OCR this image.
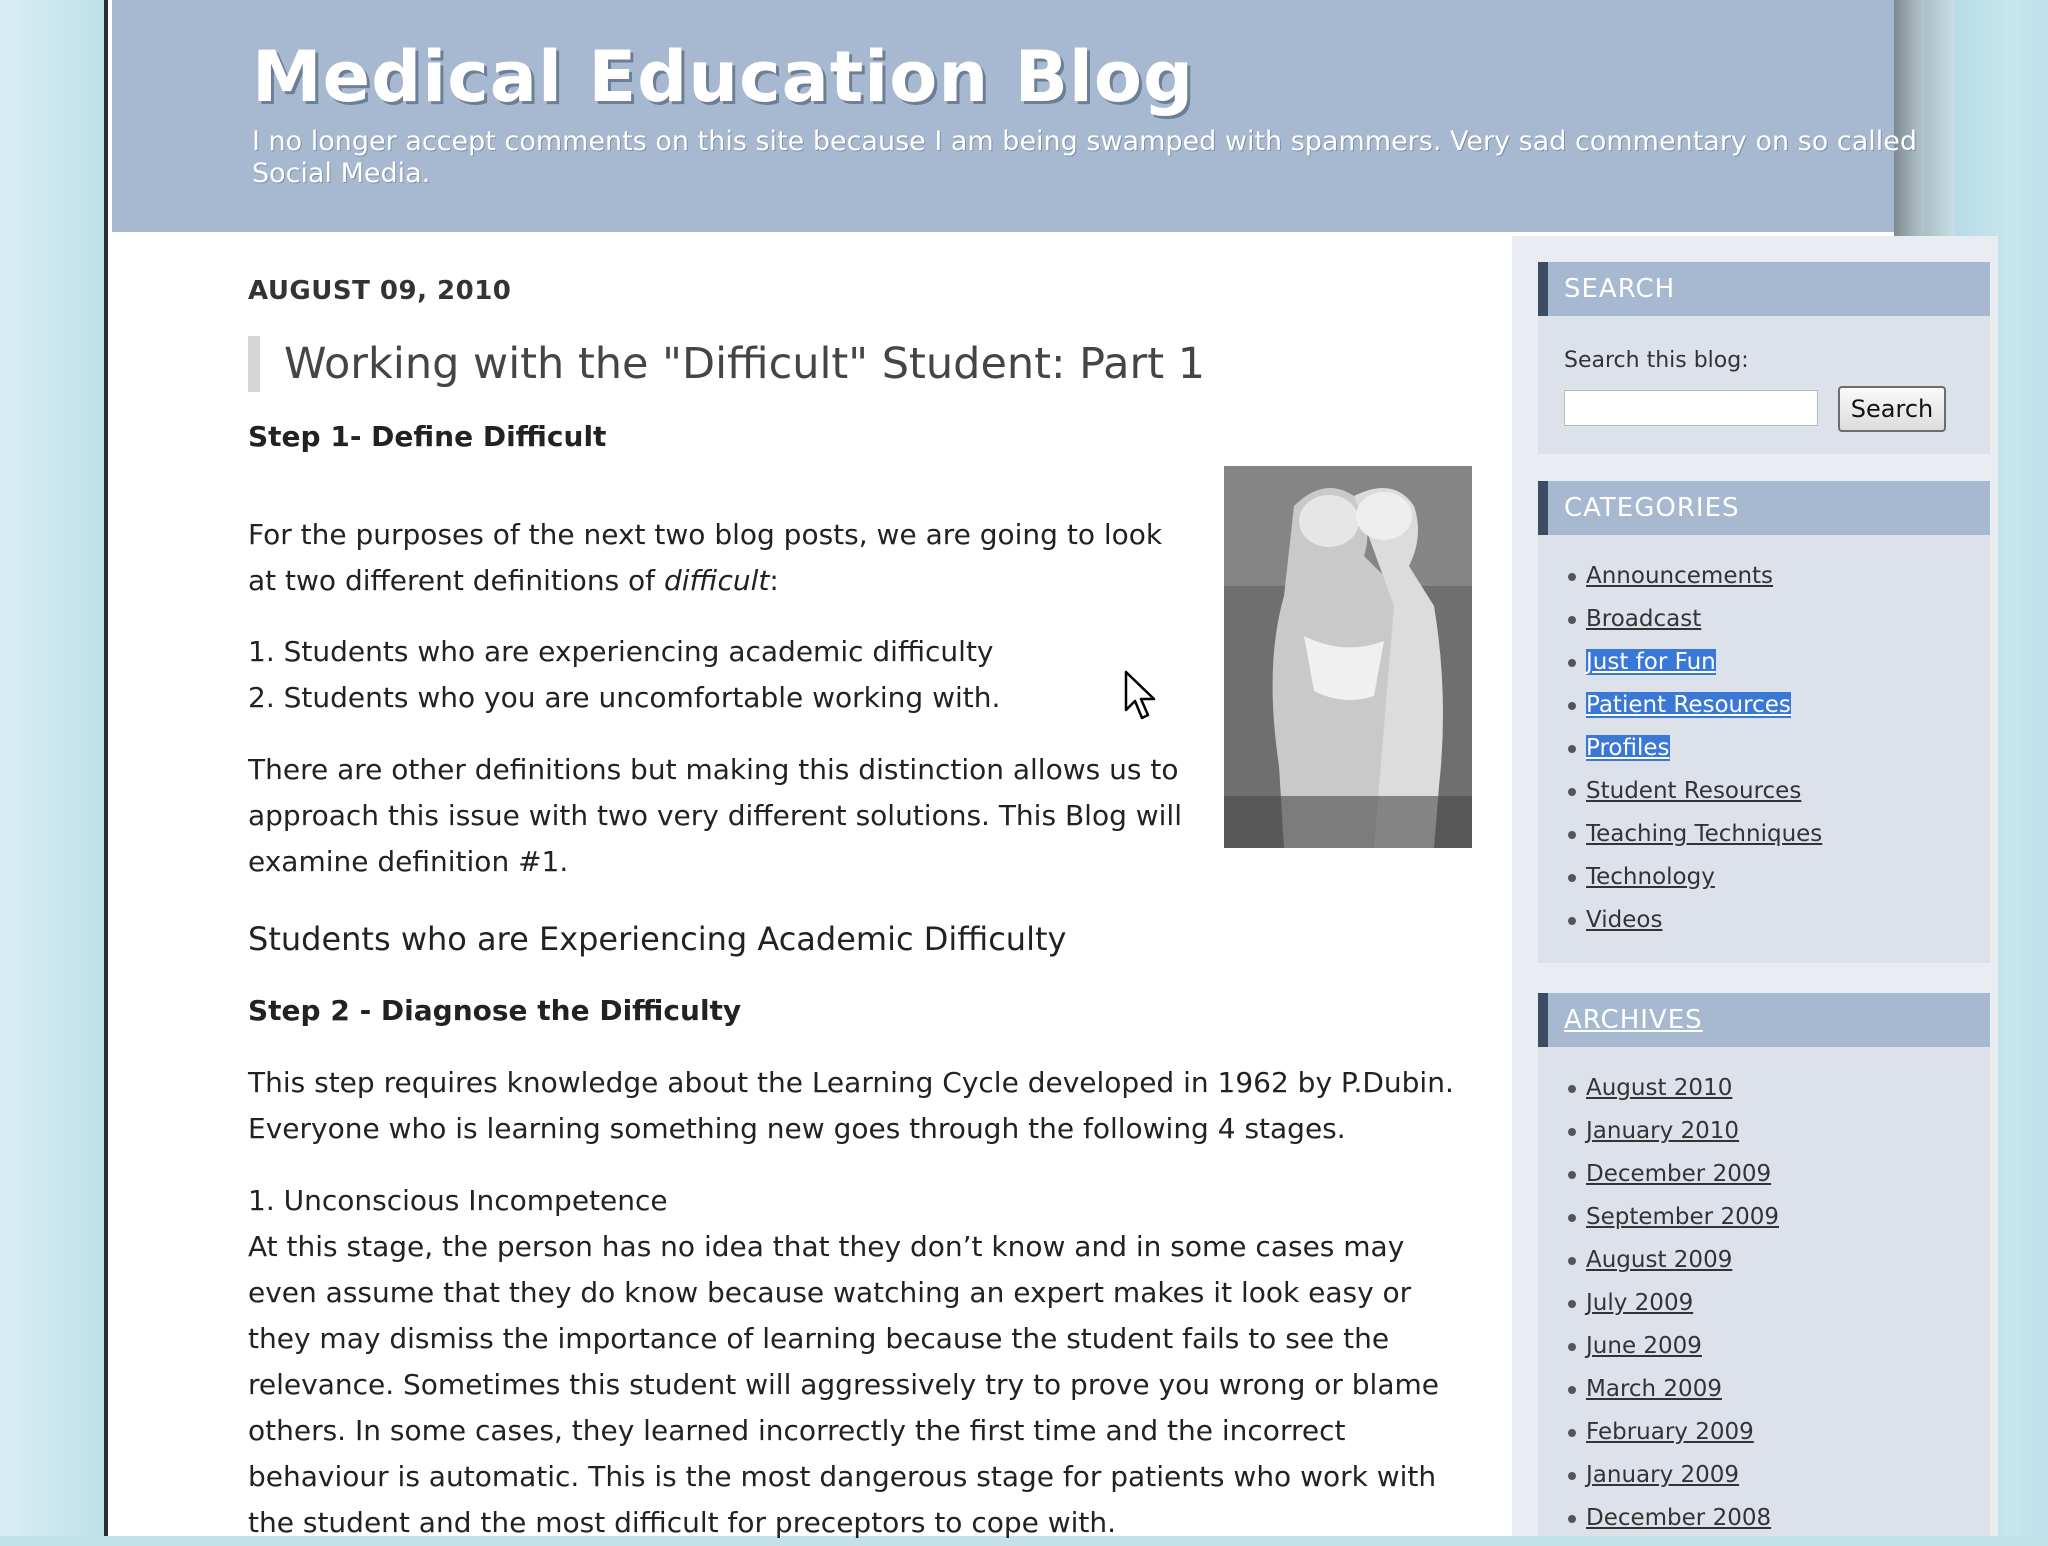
Medical Education Blog

I no longer accept comments on this site because I am being swamped with spammers. Very sad commentary on so called Social Media.

AUGUST 09, 2010

Working with the "Difficult" Student: Part 1

Step 1- Define Difficult

For the purposes of the next two blog posts, we are going to look

at two different definitions of difficult:

1. Students who are experiencing academic difficulty

2. Students who you are uncomfortable working with.

There are other definitions but making this distinction allows us to

approach this issue with two very different solutions. This Blog will

examine definition #1.

Students who are Experiencing Academic Difficulty

Step 2 - Diagnose the Difficulty

This step requires knowledge about the Learning Cycle developed in 1962 by P.Dubin.

Everyone who is learning something new goes through the following 4 stages.

1. Unconscious Incompetence

At this stage, the person has no idea that they don’t know and in some cases may

even assume that they do know because watching an expert makes it look easy or

they may dismiss the importance of learning because the student fails to see the

relevance. Sometimes this student will aggressively try to prove you wrong or blame

others. In some cases, they learned incorrectly the first time and the incorrect

behaviour is automatic. This is the most dangerous stage for patients who work with

the student and the most difficult for preceptors to cope with.

SEARCH
Search this blog:
Search
CATEGORIES
Announcements
Broadcast
Just for Fun
Patient Resources
Profiles
Student Resources
Teaching Techniques
Technology
Videos
ARCHIVES
August 2010
January 2010
December 2009
September 2009
August 2009
July 2009
June 2009
March 2009
February 2009
January 2009
December 2008
